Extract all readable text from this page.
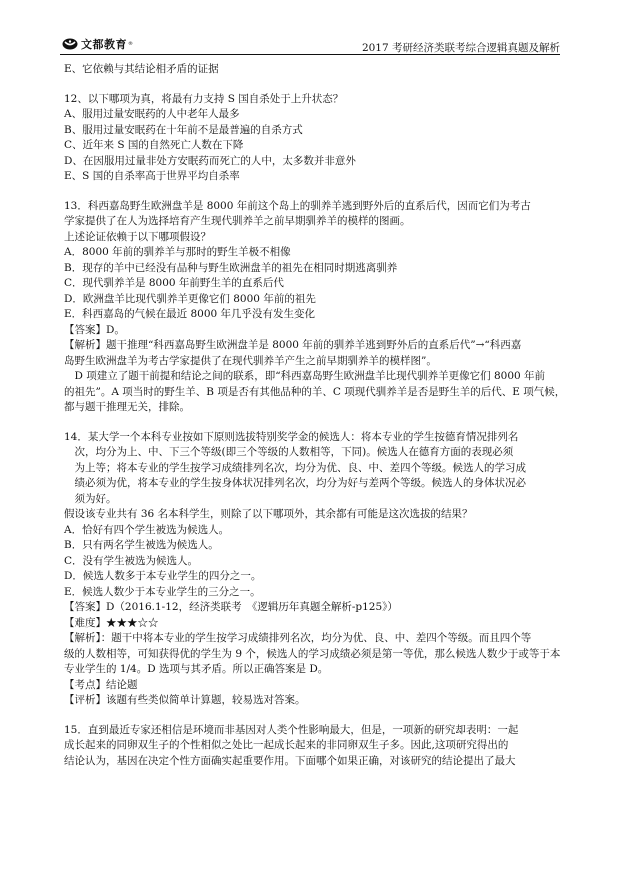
文都教育 ®	2017 考研经济类联考综合逻辑真题及解析
E、它依赖与其结论相矛盾的证据
12、以下哪项为真，将最有力支持 S 国自杀处于上升状态？
A、服用过量安眠药的人中老年人最多
B、服用过量安眠药在十年前不是最普遍的自杀方式
C、近年来 S 国的自然死亡人数在下降
D、在因服用过量非处方安眠药而死亡的人中，太多数并非意外
E、S 国的自杀率高于世界平均自杀率
13．科西嘉岛野生欧洲盘羊是 8000 年前这个岛上的驯养羊逃到野外后的直系后代，因而它们为考古
学家提供了在人为选择培育产生现代驯养羊之前早期驯养羊的模样的图画。
上述论证依赖于以下哪项假设？
A．8000 年前的驯养羊与那时的野生羊极不相像
B．现存的羊中已经没有品种与野生欧洲盘羊的祖先在相同时期逃离驯养
C．现代驯养羊是 8000 年前野生羊的直系后代
D．欧洲盘羊比现代驯养羊更像它们 8000 年前的祖先
E．科西嘉岛的气候在最近 8000 年几乎没有发生变化
【答案】D。
【解析】题干推理“科西嘉岛野生欧洲盘羊是 8000 年前的驯养羊逃到野外后的直系后代”→“科西嘉
岛野生欧洲盘羊为考古学家提供了在现代驯养羊产生之前早期驯养羊的模样图”。
D 项建立了题干前提和结论之间的联系，即“科西嘉岛野生欧洲盘羊比现代驯养羊更像它们 8000 年前
的祖先”。A 项当时的野生羊、B 项是否有其他品种的羊、C 项现代驯养羊是否是野生羊的后代、E 项气候，
都与题干推理无关，排除。
14．某大学一个本科专业按如下原则选拔特别奖学金的候选人：将本专业的学生按德育情况排列名
次，均分为上、中、下三个等级(即三个等级的人数相等，下同)。候选人在德育方面的表现必须
为上等；将本专业的学生按学习成绩排列名次，均分为优、良、中、差四个等级。候选人的学习成
绩必须为优，将本专业的学生按身体状况排列名次，均分为好与差两个等级。候选人的身体状况必
须为好。
假设该专业共有 36 名本科学生，则除了以下哪项外，其余都有可能是这次选拔的结果？
A．恰好有四个学生被选为候选人。
B．只有两名学生被选为候选人。
C．没有学生被选为候选人。
D．候选人数多于本专业学生的四分之一。
E．候选人数少于本专业学生的三分之一。
【答案】D（2016.1-12，经济类联考　《逻辑历年真题全解析-p125》）
【难度】★★★☆☆
【解析】：题干中将本专业的学生按学习成绩排列名次，均分为优、良、中、差四个等级。而且四个等
级的人数相等，可知获得优的学生为 9 个，候选人的学习成绩必须是第一等优，那么候选人数少于或等于本
专业学生的 1/4。D 选项与其矛盾。所以正确答案是 D。
【考点】结论题
【评析】该题有些类似简单计算题，较易选对答案。
15．直到最近专家还相信是环境而非基因对人类个性影响最大，但是，一项新的研究却表明：一起
成长起来的同卵双生子的个性相似之处比一起成长起来的非同卵双生子多。因此,这项研究得出的
结论认为，基因在决定个性方面确实起重要作用。下面哪个如果正确，对该研究的结论提出了最大
